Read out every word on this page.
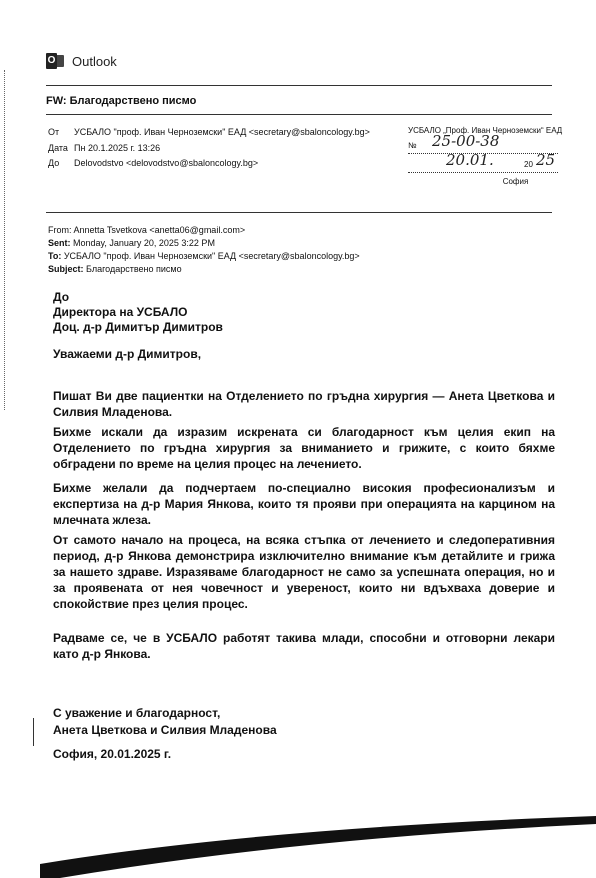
O Outlook
FW: Благодарствено писмо
От	УСБАЛО "проф. Иван Черноземски" ЕАД <secretary@sbaloncology.bg>
Дата Пн 20.1.2025 г. 13:26
До	Delovodstvo <delovodstvo@sbaloncology.bg>
УСБАЛО „Проф. Иван Черноземски“ ЕАД
№ 25-00-38
20.01.	20 25
София
From: Annetta Tsvetkova <anetta06@gmail.com>
Sent: Monday, January 20, 2025 3:22 PM
To: УСБАЛО "проф. Иван Черноземски" ЕАД <secretary@sbaloncology.bg>
Subject: Благодарствено писмо
До
Директора на УСБАЛО
Доц. д-р Димитър Димитров
Уважаеми д-р Димитров,
Пишат Ви две пациентки на Отделението по гръдна хирургия — Анета Цветкова и Силвия Младенова.
Бихме искали да изразим искрената си благодарност към целия екип на Отделението по гръдна хирургия за вниманието и грижите, с които бяхме обградени по време на целия процес на лечението.
Бихме желали да подчертаем по-специално високия професионализъм и експертиза на д-р Мария Янкова, които тя прояви при операцията на карцином на млечната жлеза.
От самото начало на процеса, на всяка стъпка от лечението и следоперативния период, д-р Янкова демонстрира изключително внимание към детайлите и грижа за нашето здраве. Изразяваме благодарност не само за успешната операция, но и за проявената от нея човечност и увереност, които ни вдъхваха доверие и спокойствие през целия процес.
Радваме се, че в УСБАЛО работят такива млади, способни и отговорни лекари като д-р Янкова.
С уважение и благодарност,
Анета Цветкова и Силвия Младенова
София, 20.01.2025 г.
